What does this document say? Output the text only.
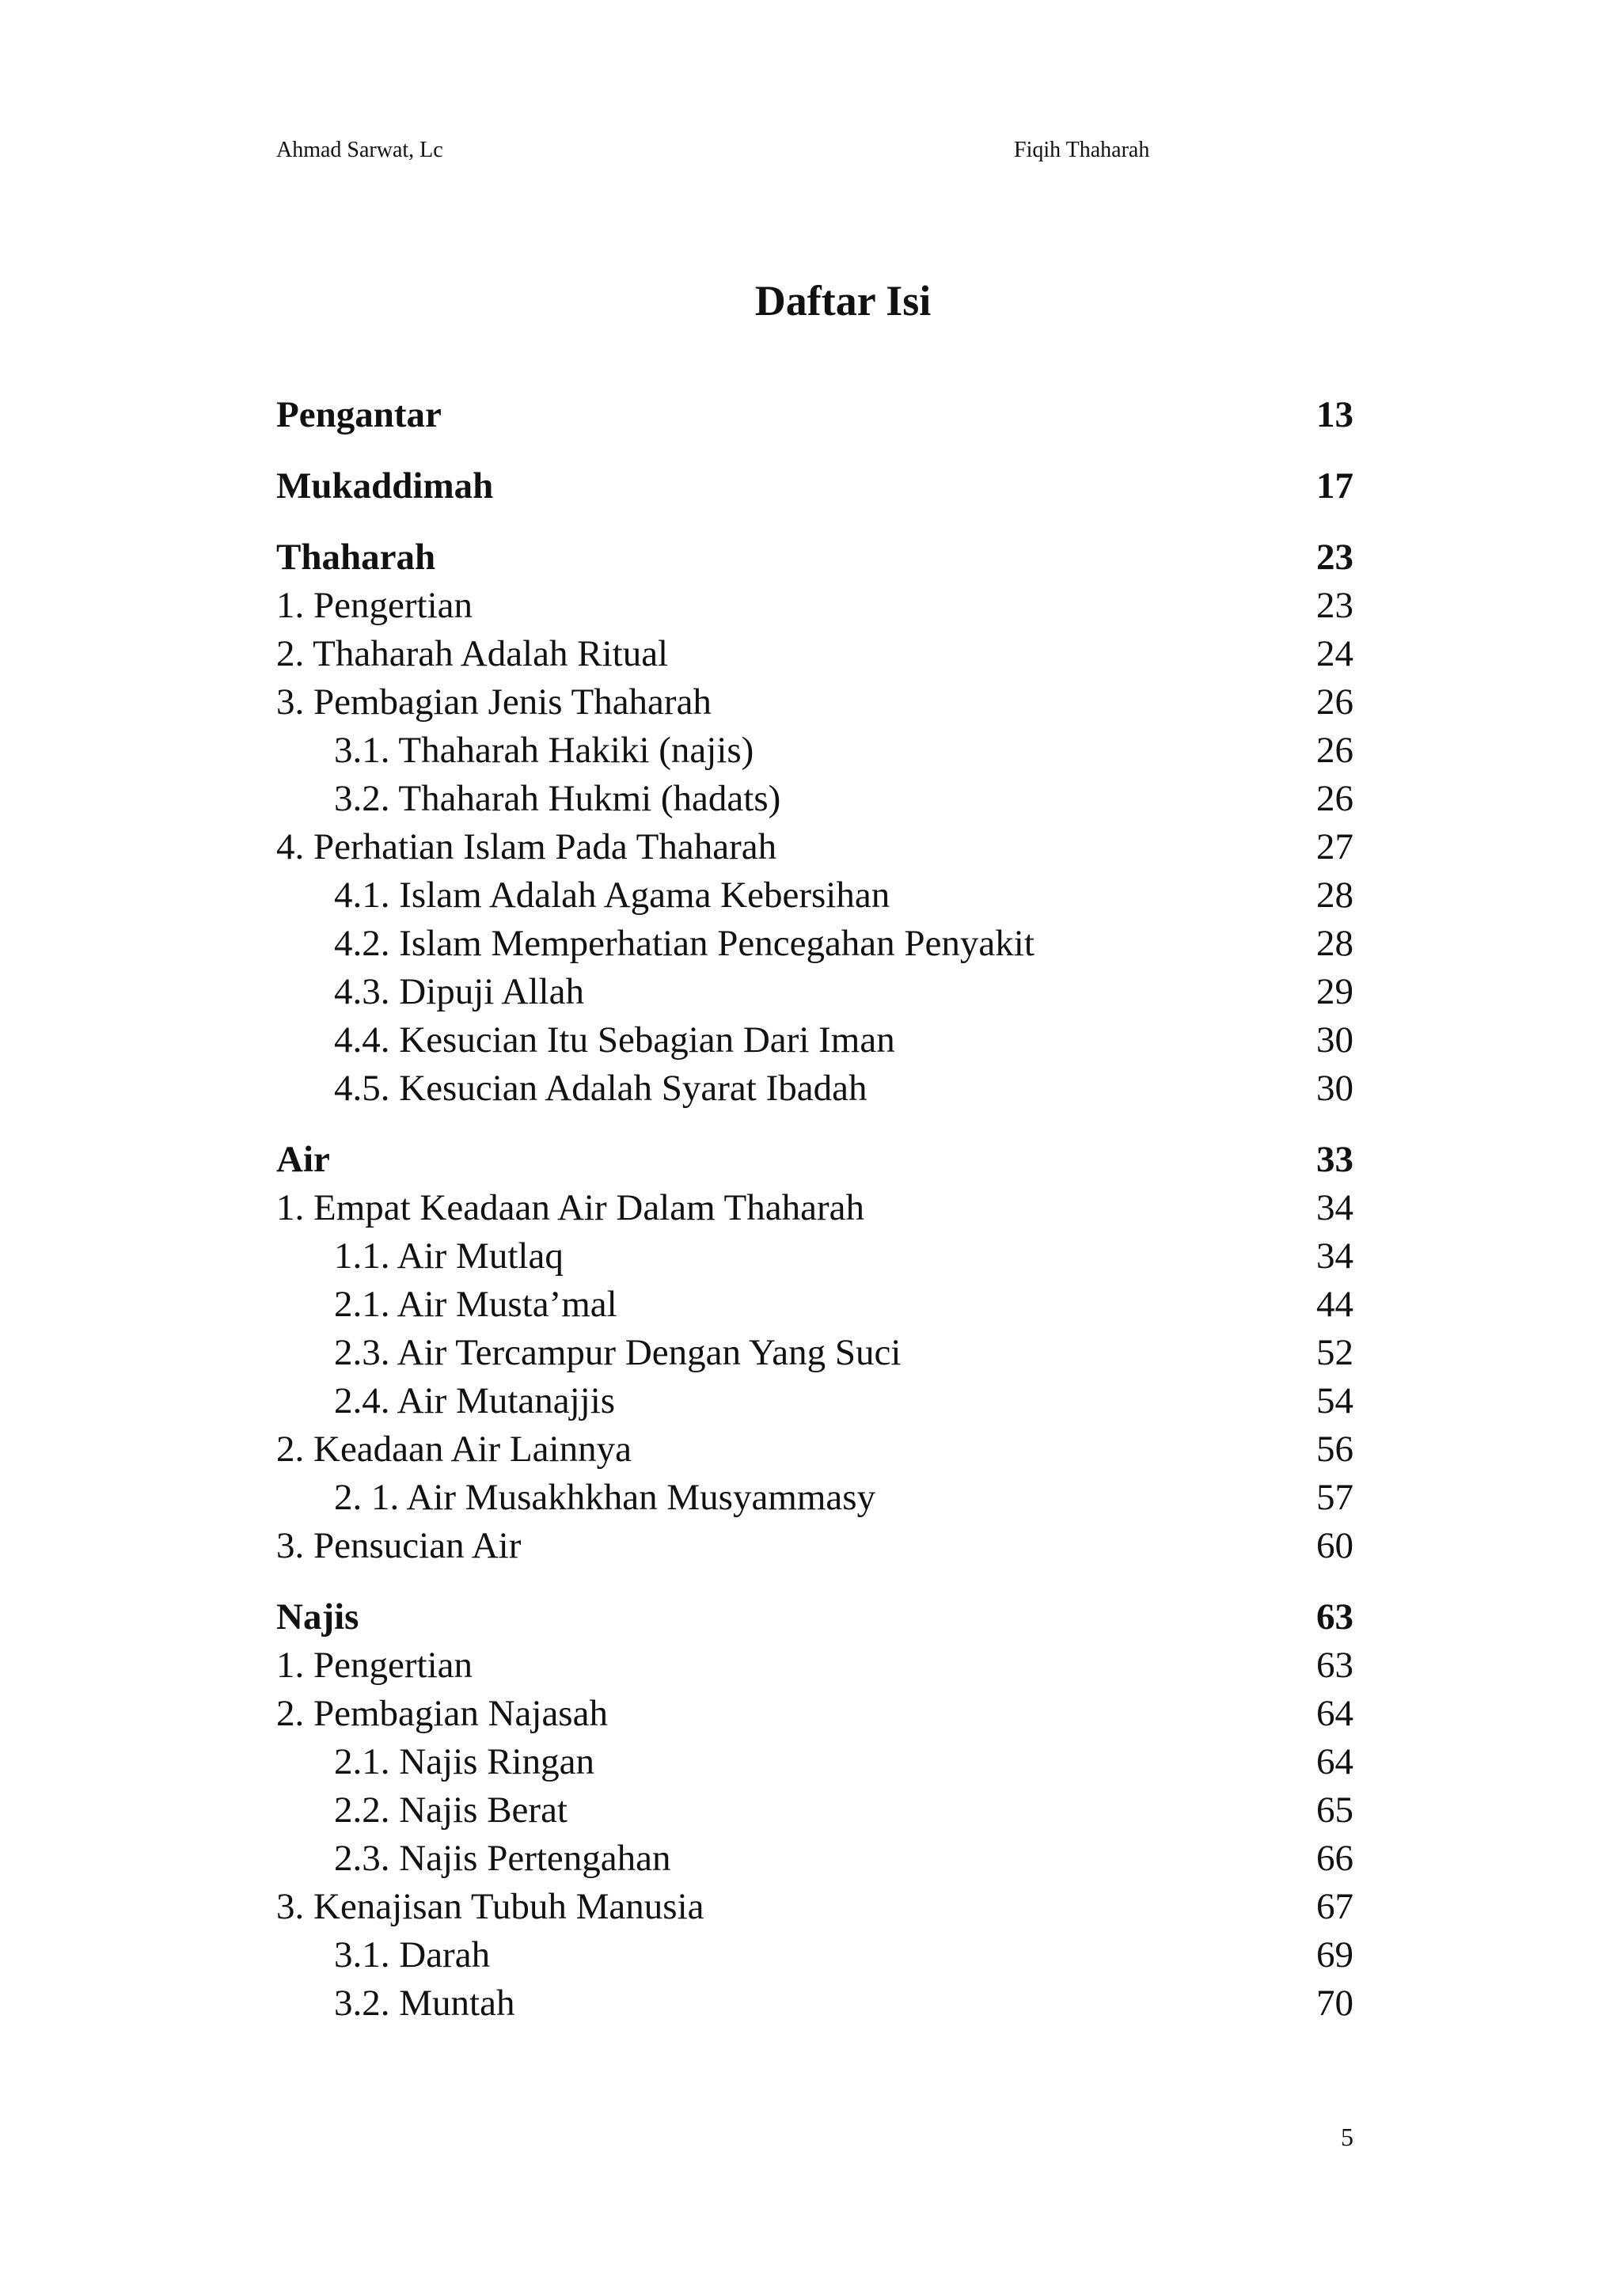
Ahmad Sarwat, Lc	Fiqih Thaharah
Daftar Isi
Pengantar	13
Mukaddimah	17
Thaharah	23
1. Pengertian	23
2. Thaharah Adalah Ritual	24
3. Pembagian Jenis Thaharah	26
3.1. Thaharah Hakiki (najis)	26
3.2. Thaharah Hukmi (hadats)	26
4. Perhatian Islam Pada Thaharah	27
4.1. Islam Adalah Agama Kebersihan	28
4.2. Islam Memperhatian Pencegahan Penyakit	28
4.3. Dipuji Allah	29
4.4. Kesucian Itu Sebagian Dari Iman	30
4.5. Kesucian Adalah Syarat Ibadah	30
Air	33
1. Empat Keadaan Air Dalam Thaharah	34
1.1. Air Mutlaq	34
2.1. Air Musta’mal	44
2.3. Air Tercampur Dengan Yang Suci	52
2.4. Air Mutanajjis	54
2. Keadaan Air Lainnya	56
2. 1. Air Musakhkhan Musyammasy	57
3. Pensucian Air	60
Najis	63
1. Pengertian	63
2. Pembagian Najasah	64
2.1. Najis Ringan	64
2.2. Najis Berat	65
2.3. Najis Pertengahan	66
3. Kenajisan Tubuh Manusia	67
3.1. Darah	69
3.2. Muntah	70
5
